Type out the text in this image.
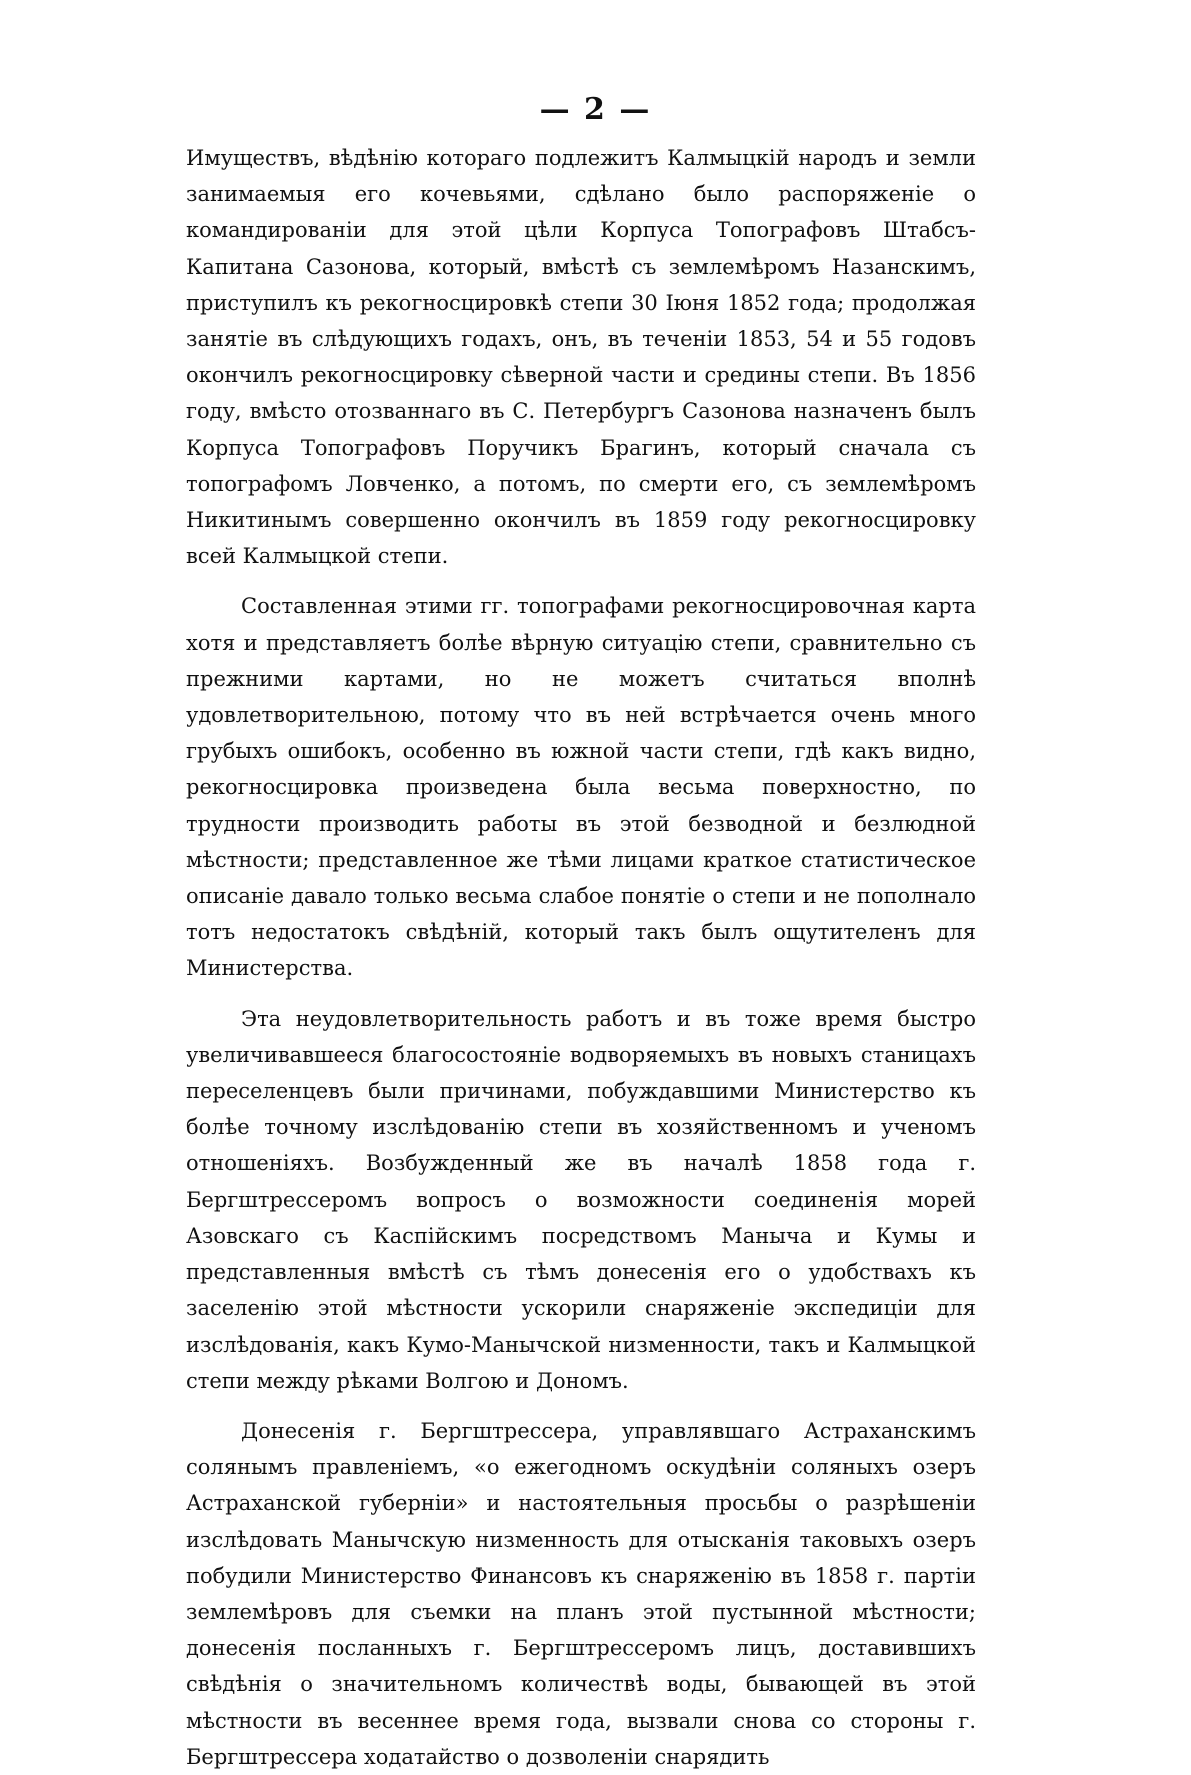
— 2 —

Имуществъ, вѣдѣнію котораго подлежитъ Калмыцкій народъ и земли занимаемыя его кочевьями, сдѣлано было распоряженіе о командированіи для этой цѣли Корпуса Топографовъ Штабсъ-Капитана Сазонова, который, вмѣстѣ съ землемѣромъ Назанскимъ, приступилъ къ рекогносцировкѣ степи 30 Іюня 1852 года; продолжая занятіе въ слѣдующихъ годахъ, онъ, въ теченіи 1853, 54 и 55 годовъ окончилъ рекогносцировку сѣверной части и средины степи. Въ 1856 году, вмѣсто отозваннаго въ С. Петербургъ Сазонова назначенъ былъ Корпуса Топографовъ Поручикъ Брагинъ, который сначала съ топографомъ Ловченко, а потомъ, по смерти его, съ землемѣромъ Никитинымъ совершенно окончилъ въ 1859 году рекогносцировку всей Калмыцкой степи.

Составленная этими гг. топографами рекогносцировочная карта хотя и представляетъ болѣе вѣрную ситуацію степи, сравнительно съ прежними картами, но не можетъ считаться вполнѣ удовлетворительною, потому что въ ней встрѣчается очень много грубыхъ ошибокъ, особенно въ южной части степи, гдѣ какъ видно, рекогносцировка произведена была весьма поверхностно, по трудности производить работы въ этой безводной и безлюдной мѣстности; представленное же тѣми лицами краткое статистическое описаніе давало только весьма слабое понятіе о степи и не пополнало тотъ недостатокъ свѣдѣній, который такъ былъ ощутителенъ для Министерства.

Эта неудовлетворительность работъ и въ тоже время быстро увеличивавшееся благосостояніе водворяемыхъ въ новыхъ станицахъ переселенцевъ были причинами, побуждавшими Министерство къ болѣе точному изслѣдованію степи въ хозяйственномъ и ученомъ отношеніяхъ. Возбужденный же въ началѣ 1858 года г. Бергштрессеромъ вопросъ о возможности соединенія морей Азовскаго съ Каспійскимъ посредствомъ Манычa и Кумы и представленныя вмѣстѣ съ тѣмъ донесенія его о удобствахъ къ заселенію этой мѣстности ускорили снаряженіе экспедиціи для изслѣдованія, какъ Кумо-Манычской низменности, такъ и Калмыцкой степи между рѣками Волгою и Дономъ.

Донесенія г. Бергштрессера, управлявшаго Астраханскимъ солянымъ правленіемъ, «о ежегодномъ оскудѣніи соляныхъ озеръ Астраханской губерніи» и настоятельныя просьбы о разрѣшеніи изслѣдовать Манычскую низменность для отысканія таковыхъ озеръ побудили Министерство Финансовъ къ снаряженію въ 1858 г. партіи землемѣровъ для съемки на планъ этой пустынной мѣстности; донесенія посланныхъ г. Бергштрессеромъ лицъ, доставившихъ свѣдѣнія о значительномъ количествѣ воды, бывающей въ этой мѣстности въ весеннее время года, вызвали снова со стороны г. Бергштрессера ходатайство о дозволеніи снарядить
